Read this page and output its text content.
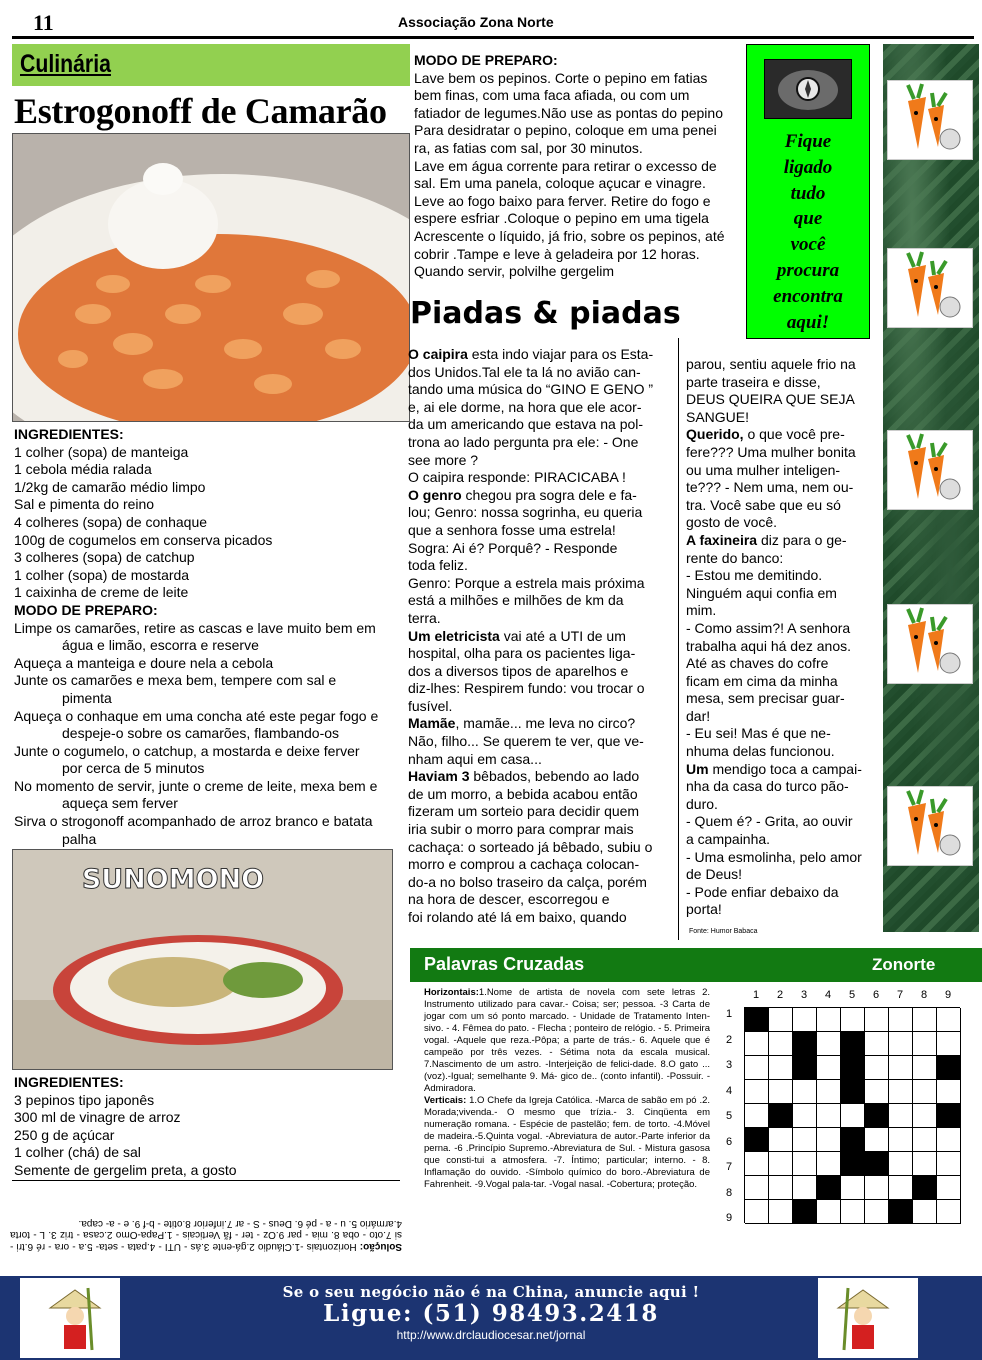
11	Associação Zona Norte
Culinária
Estrogonoff de Camarão
INGREDIENTES:
1 colher (sopa) de manteiga
1 cebola média ralada
1/2kg de camarão médio limpo
Sal e pimenta do reino
4 colheres (sopa) de conhaque
100g de cogumelos em conserva picados
3 colheres (sopa) de catchup
1 colher (sopa) de mostarda
1 caixinha de creme de leite
MODO DE PREPARO:
Limpe os camarões, retire as cascas e lave muito bem em
água e limão, escorra e reserve
Aqueça a manteiga e doure nela a cebola
Junte os camarões e mexa bem, tempere com sal e
pimenta
Aqueça o conhaque em uma concha até este pegar fogo e
despeje-o sobre os camarões, flambando-os
Junte o cogumelo, o catchup, a mostarda e deixe ferver
por cerca de 5 minutos
No momento de servir, junte o creme de leite, mexa bem e
aqueça sem ferver
Sirva o strogonoff acompanhado de arroz branco e batata
palha
SUNOMONO
INGREDIENTES:
3 pepinos tipo japonês
300 ml de vinagre de arroz
250 g de açúcar
1 colher (chá) de sal
Semente de gergelim preta, a gosto
Solução: Horizontais -1.Cláudio 2.gá-ente 3.ás - UTI - 4.pata - seta- 5.a - ora - ré 6.tri - si 7.oto - oba 8. mia - par 9.Oz - ter - fã Verticais - 1.Papa-Omo 2.casa - triz 3. L - torta 4.armário 5. u - a - pé 6. Deus - S - ar 7.inferior 8.otite - b-f 9. e - a- capa.
MODO DE PREPARO:
Lave bem os pepinos. Corte o pepino em fatias
bem finas, com uma faca afiada, ou com um
fatiador de legumes.Não use as pontas do pepino
Para desidratar o pepino, coloque em uma penei
ra, as fatias com sal, por 30 minutos.
Lave em água corrente para retirar o excesso de
sal. Em uma panela, coloque açucar e vinagre.
Leve ao fogo baixo para ferver. Retire do fogo e
espere esfriar .Coloque o pepino em uma tigela
Acrescente o líquido, já frio, sobre os pepinos, até
cobrir .Tampe e leve à geladeira por 12 horas.
Quando servir, polvilhe gergelim
Fique
ligado
tudo
que
você
procura
encontra
aqui!
Piadas & piadas
O caipira esta indo viajar para os Esta-
dos Unidos.Tal ele ta lá no avião can-
tando uma música do “GINO E GENO ”
e, ai ele dorme, na hora que ele acor-
da um americando que estava na pol-
trona ao lado pergunta pra ele: - One
see more ?
O caipira responde: PIRACICABA !
O genro chegou pra sogra dele e fa-
lou; Genro: nossa sogrinha, eu queria
que a senhora fosse uma estrela!
Sogra: Ai é? Porquê? - Responde
toda feliz.
Genro: Porque a estrela mais próxima
está a milhões e milhões de km da
terra.
Um eletricista vai até a UTI de um
hospital, olha para os pacientes liga-
dos a diversos tipos de aparelhos e
diz-lhes: Respirem fundo: vou trocar o
fusível.
Mamãe, mamãe... me leva no circo?
Não, filho... Se querem te ver, que ve-
nham aqui em casa...
Haviam 3 bêbados, bebendo ao lado
de um morro, a bebida acabou então
fizeram um sorteio para decidir quem
iria subir o morro para comprar mais
cachaça: o sorteado já bêbado, subiu o
morro e comprou a cachaça colocan-
do-a no bolso traseiro da calça, porém
na hora de descer, escorregou e
foi rolando até lá em baixo, quando
parou, sentiu aquele frio na
parte traseira e disse,
DEUS QUEIRA QUE SEJA
SANGUE!
Querido, o que você pre-
fere??? Uma mulher bonita
ou uma mulher inteligen-
te??? - Nem uma, nem ou-
tra. Você sabe que eu só
gosto de você.
A faxineira diz para o ge-
rente do banco:
- Estou me demitindo.
Ninguém aqui confia em
mim.
- Como assim?! A senhora
trabalha aqui há dez anos.
Até as chaves do cofre
ficam em cima da minha
mesa, sem precisar guar-
dar!
- Eu sei! Mas é que ne-
nhuma delas funcionou.
Um mendigo toca a campai-
nha da casa do turco pão-
duro.
- Quem é? - Grita, ao ouvir
a campainha.
- Uma esmolinha, pelo amor
de Deus!
- Pode enfiar debaixo da
porta!
Fonte: Humor Babaca
Palavras Cruzadas	Zonorte
Horizontais:1.Nome de artista de novela com sete letras 2. Instrumento utilizado para cavar.- Coisa; ser; pessoa. -3 Carta de jogar com um só ponto marcado. - Unidade de Tratamento Inten-sivo. - 4. Fêmea do pato. - Flecha ; ponteiro de relógio. - 5. Primeira vogal. -Aquele que reza.-Pôpa; a parte de trás.- 6. Aquele que é campeão por três vezes. - Sétima nota da escala musical. 7.Nascimento de um astro. -Interjeição de felici-dade. 8.O gato ...(voz).-Igual; semelhante 9. Má- gico de.. (conto infantil). -Possuir. - Admiradora.
Verticais: 1.O Chefe da Igreja Católica. -Marca de sabão em pó .2. Morada;vivenda.- O mesmo que trízia.- 3. Cinqüenta em numeração romana. - Espécie de pastelão; fem. de torto. -4.Móvel de madeira.-5.Quinta vogal. -Abreviatura de autor.-Parte inferior da perna. -6 .Princípio Supremo.-Abreviatura de Sul. - Mistura gasosa que consti-tui a atmosfera. -7. Íntimo; particular; interno. - 8. Inflamação do ouvido. -Símbolo químico do boro.-Abreviatura de Fahrenheit. -9.Vogal pala-tar. -Vogal nasal. -Cobertura; proteção.
1	2	3	4	5	6	7	8	9
1
2
3
4
5
6
7
8
9
Se o seu negócio não é na China, anuncie aqui !
Ligue: (51) 98493.2418
http://www.drclaudiocesar.net/jornal
